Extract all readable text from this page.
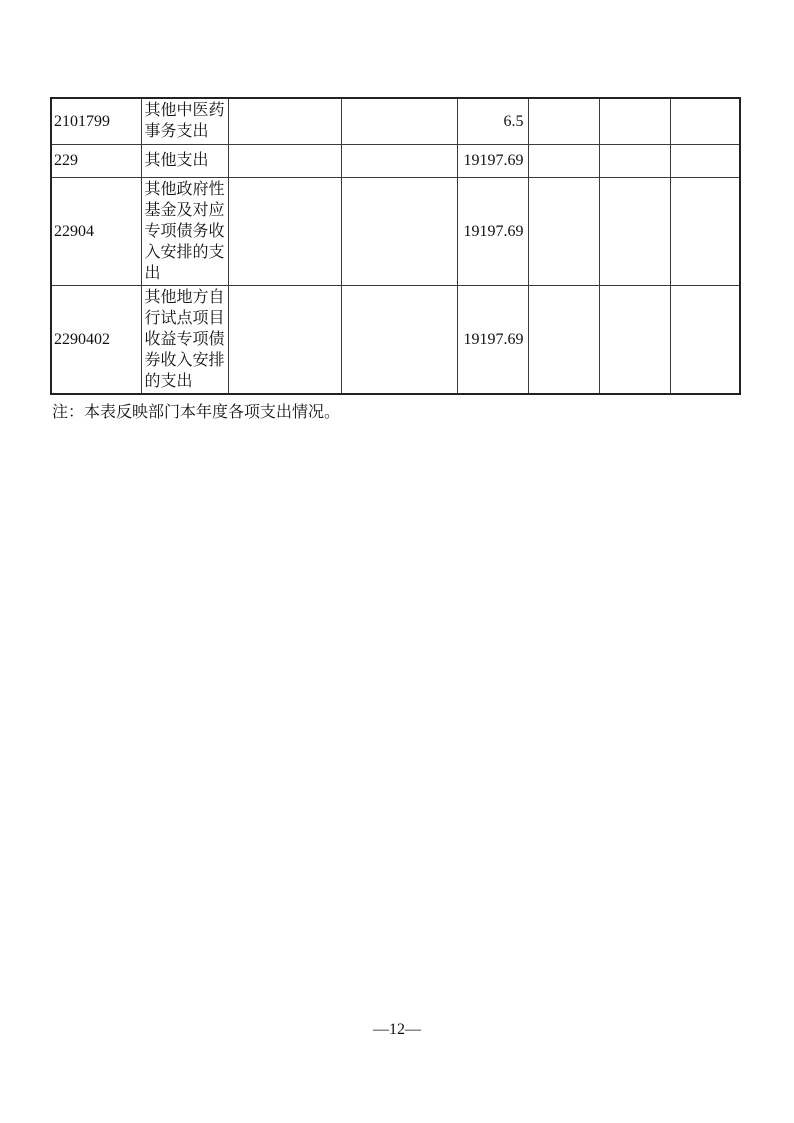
2101799	其他中医药事务支出			6.5			
229	其他支出			19197.69			
22904	其他政府性基金及对应专项债务收入安排的支出			19197.69			
2290402	其他地方自行试点项目收益专项债券收入安排的支出			19197.69			
注：本表反映部门本年度各项支出情况。
—12—
